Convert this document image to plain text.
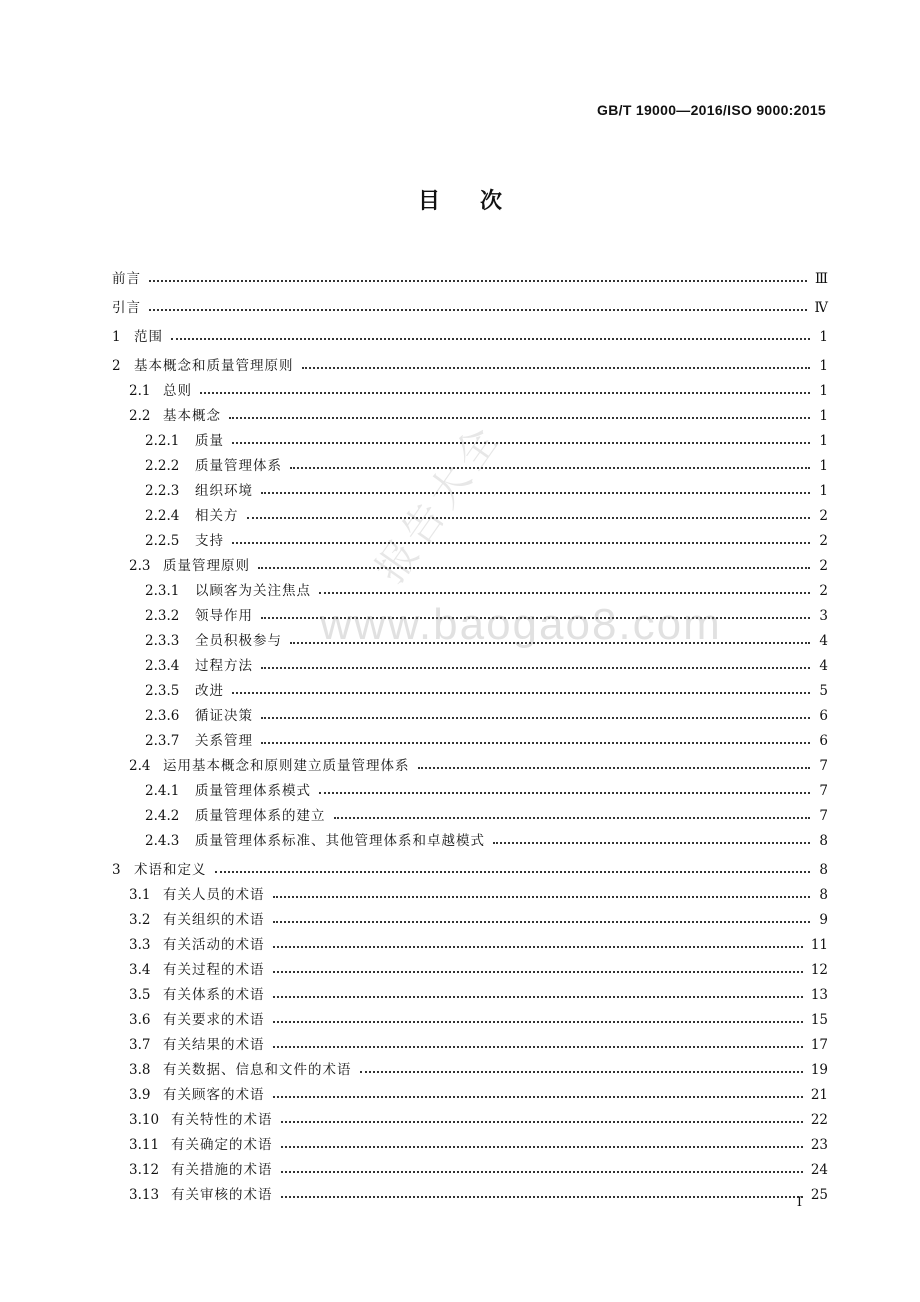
GB/T 19000—2016/ISO 9000:2015
目次
前言	Ⅲ
引言	Ⅳ
1 范围	1
2 基本概念和质量管理原则	1
2.1 总则	1
2.2 基本概念	1
2.2.1	质量	1
2.2.2	质量管理体系	1
2.2.3	组织环境	1
2.2.4	相关方	2
2.2.5	支持	2
2.3 质量管理原则	2
2.3.1	以顾客为关注焦点	2
2.3.2	领导作用	3
2.3.3	全员积极参与	4
2.3.4	过程方法	4
2.3.5	改进	5
2.3.6	循证决策	6
2.3.7	关系管理	6
2.4 运用基本概念和原则建立质量管理体系	7
2.4.1	质量管理体系模式	7
2.4.2	质量管理体系的建立	7
2.4.3	质量管理体系标准、其他管理体系和卓越模式	8
3 术语和定义	8
3.1 有关人员的术语	8
3.2 有关组织的术语	9
3.3 有关活动的术语	11
3.4 有关过程的术语	12
3.5 有关体系的术语	13
3.6 有关要求的术语	15
3.7 有关结果的术语	17
3.8 有关数据、信息和文件的术语	19
3.9 有关顾客的术语	21
3.10 有关特性的术语	22
3.11 有关确定的术语	23
3.12 有关措施的术语	24
3.13 有关审核的术语	25
I
www.baogao8.com
报告大全
